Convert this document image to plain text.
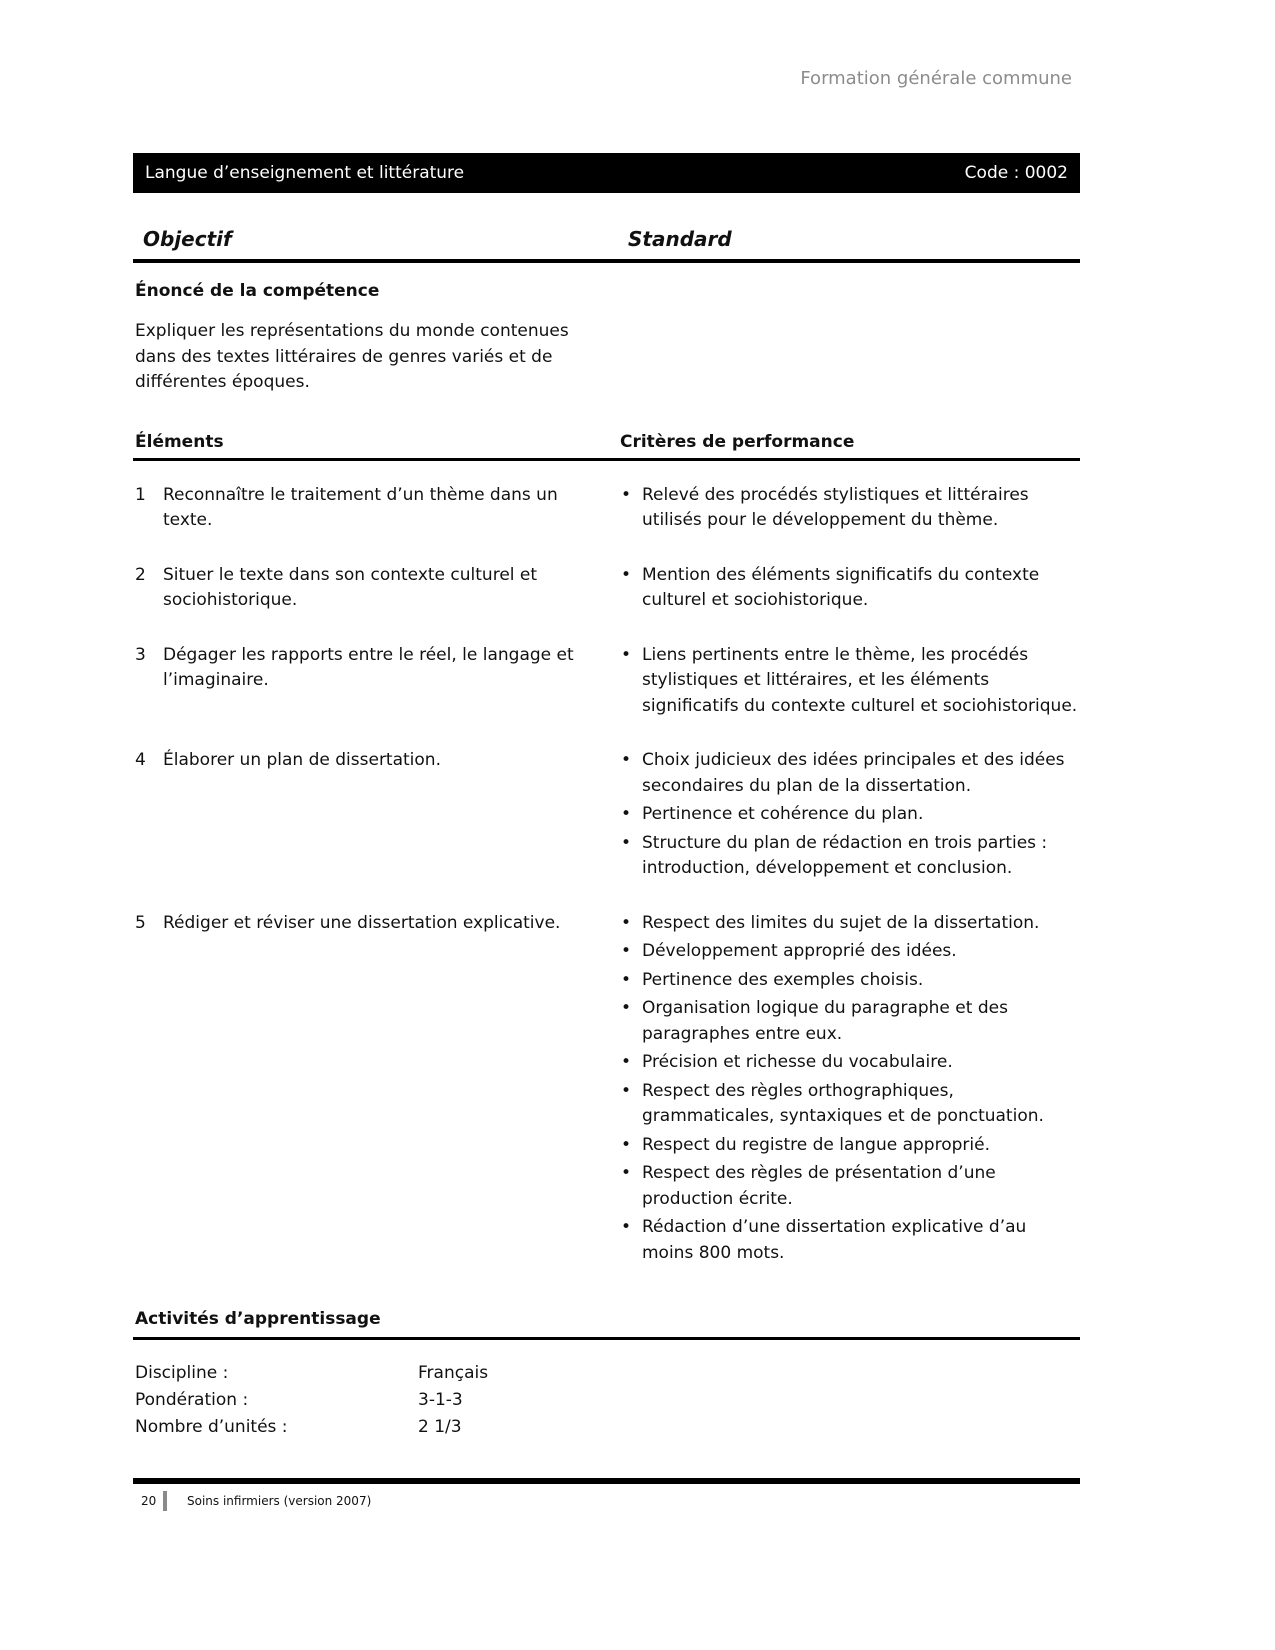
Formation générale commune
Langue d’enseignement et littérature	Code : 0002
Objectif	Standard
Énoncé de la compétence
Expliquer les représentations du monde contenues dans des textes littéraires de genres variés et de différentes époques.
Éléments	Critères de performance
1	Reconnaître le traitement d’un thème dans un texte.
• Relevé des procédés stylistiques et littéraires utilisés pour le développement du thème.
2	Situer le texte dans son contexte culturel et sociohistorique.
• Mention des éléments significatifs du contexte culturel et sociohistorique.
3	Dégager les rapports entre le réel, le langage et l’imaginaire.
• Liens pertinents entre le thème, les procédés stylistiques et littéraires, et les éléments significatifs du contexte culturel et sociohistorique.
4	Élaborer un plan de dissertation.	• Choix judicieux des idées principales et des idées secondaires du plan de la dissertation.
• Pertinence et cohérence du plan.
• Structure du plan de rédaction en trois parties : introduction, développement et conclusion.
5	Rédiger et réviser une dissertation explicative.	• Respect des limites du sujet de la dissertation.
• Développement approprié des idées.
• Pertinence des exemples choisis.
• Organisation logique du paragraphe et des paragraphes entre eux.
• Précision et richesse du vocabulaire.
• Respect des règles orthographiques, grammaticales, syntaxiques et de ponctuation.
• Respect du registre de langue approprié.
• Respect des règles de présentation d’une production écrite.
• Rédaction d’une dissertation explicative d’au moins 800 mots.
Activités d’apprentissage
Discipline :	Français
Pondération :	3-1-3
Nombre d’unités :	2 1/3
20	Soins infirmiers (version 2007)
